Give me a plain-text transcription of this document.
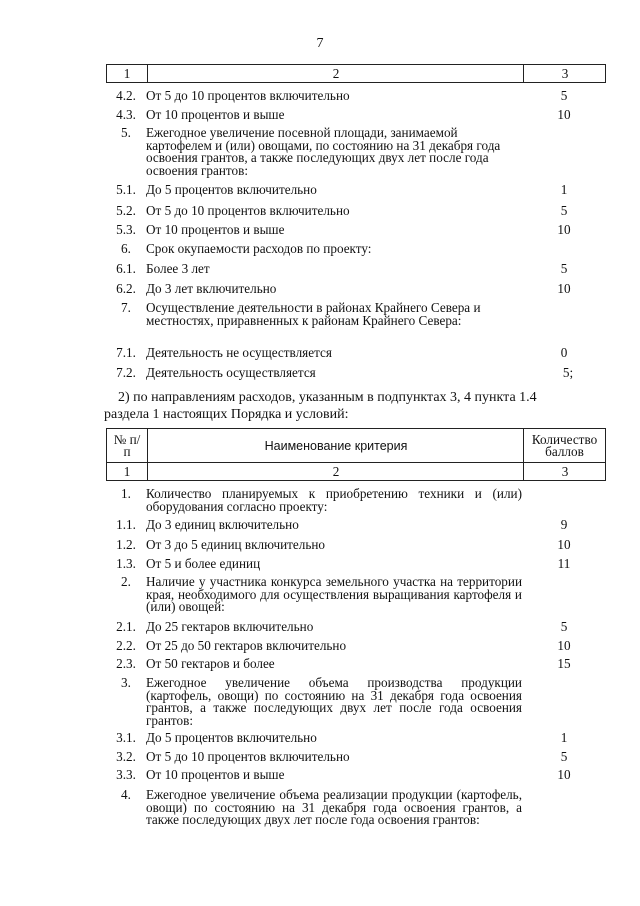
7
1	2	3
4.2. От 5 до 10 процентов включительно	5
4.3. От 10 процентов и выше	10
5.	Ежегодное увеличение посевной площади, занимаемой картофелем и (или) овощами, по состоянию на 31 декабря года освоения грантов, а также последующих двух лет после года освоения грантов:
5.1. До 5 процентов включительно	1
5.2. От 5 до 10 процентов включительно	5
5.3. От 10 процентов и выше	10
6.	Срок окупаемости расходов по проекту:
6.1. Более 3 лет	5
6.2. До 3 лет включительно	10
7.	Осуществление деятельности в районах Крайнего Севера и местностях, приравненных к районам Крайнего Севера:
7.1. Деятельность не осуществляется	0
7.2. Деятельность осуществляется	5;
2) по направлениям расходов, указанным в подпунктах 3, 4 пункта 1.4
раздела 1 настоящих Порядка и условий:
№ п/п	Наименование критерия	Количество баллов
1	2	3
1.	Количество планируемых к приобретению техники и (или) оборудования согласно проекту:
1.1. До 3 единиц включительно	9
1.2. От 3 до 5 единиц включительно	10
1.3. От 5 и более единиц	11
2.	Наличие у участника конкурса земельного участка на территории края, необходимого для осуществления выращивания картофеля и (или) овощей:
2.1. До 25 гектаров включительно	5
2.2. От 25 до 50 гектаров включительно	10
2.3. От 50 гектаров и более	15
3.	Ежегодное увеличение объема производства продукции (картофель, овощи) по состоянию на 31 декабря года освоения грантов, а также последующих двух лет после года освоения грантов:
3.1. До 5 процентов включительно	1
3.2. От 5 до 10 процентов включительно	5
3.3. От 10 процентов и выше	10
4.	Ежегодное увеличение объема реализации продукции (картофель, овощи) по состоянию на 31 декабря года освоения грантов, а также последующих двух лет после года освоения грантов:
